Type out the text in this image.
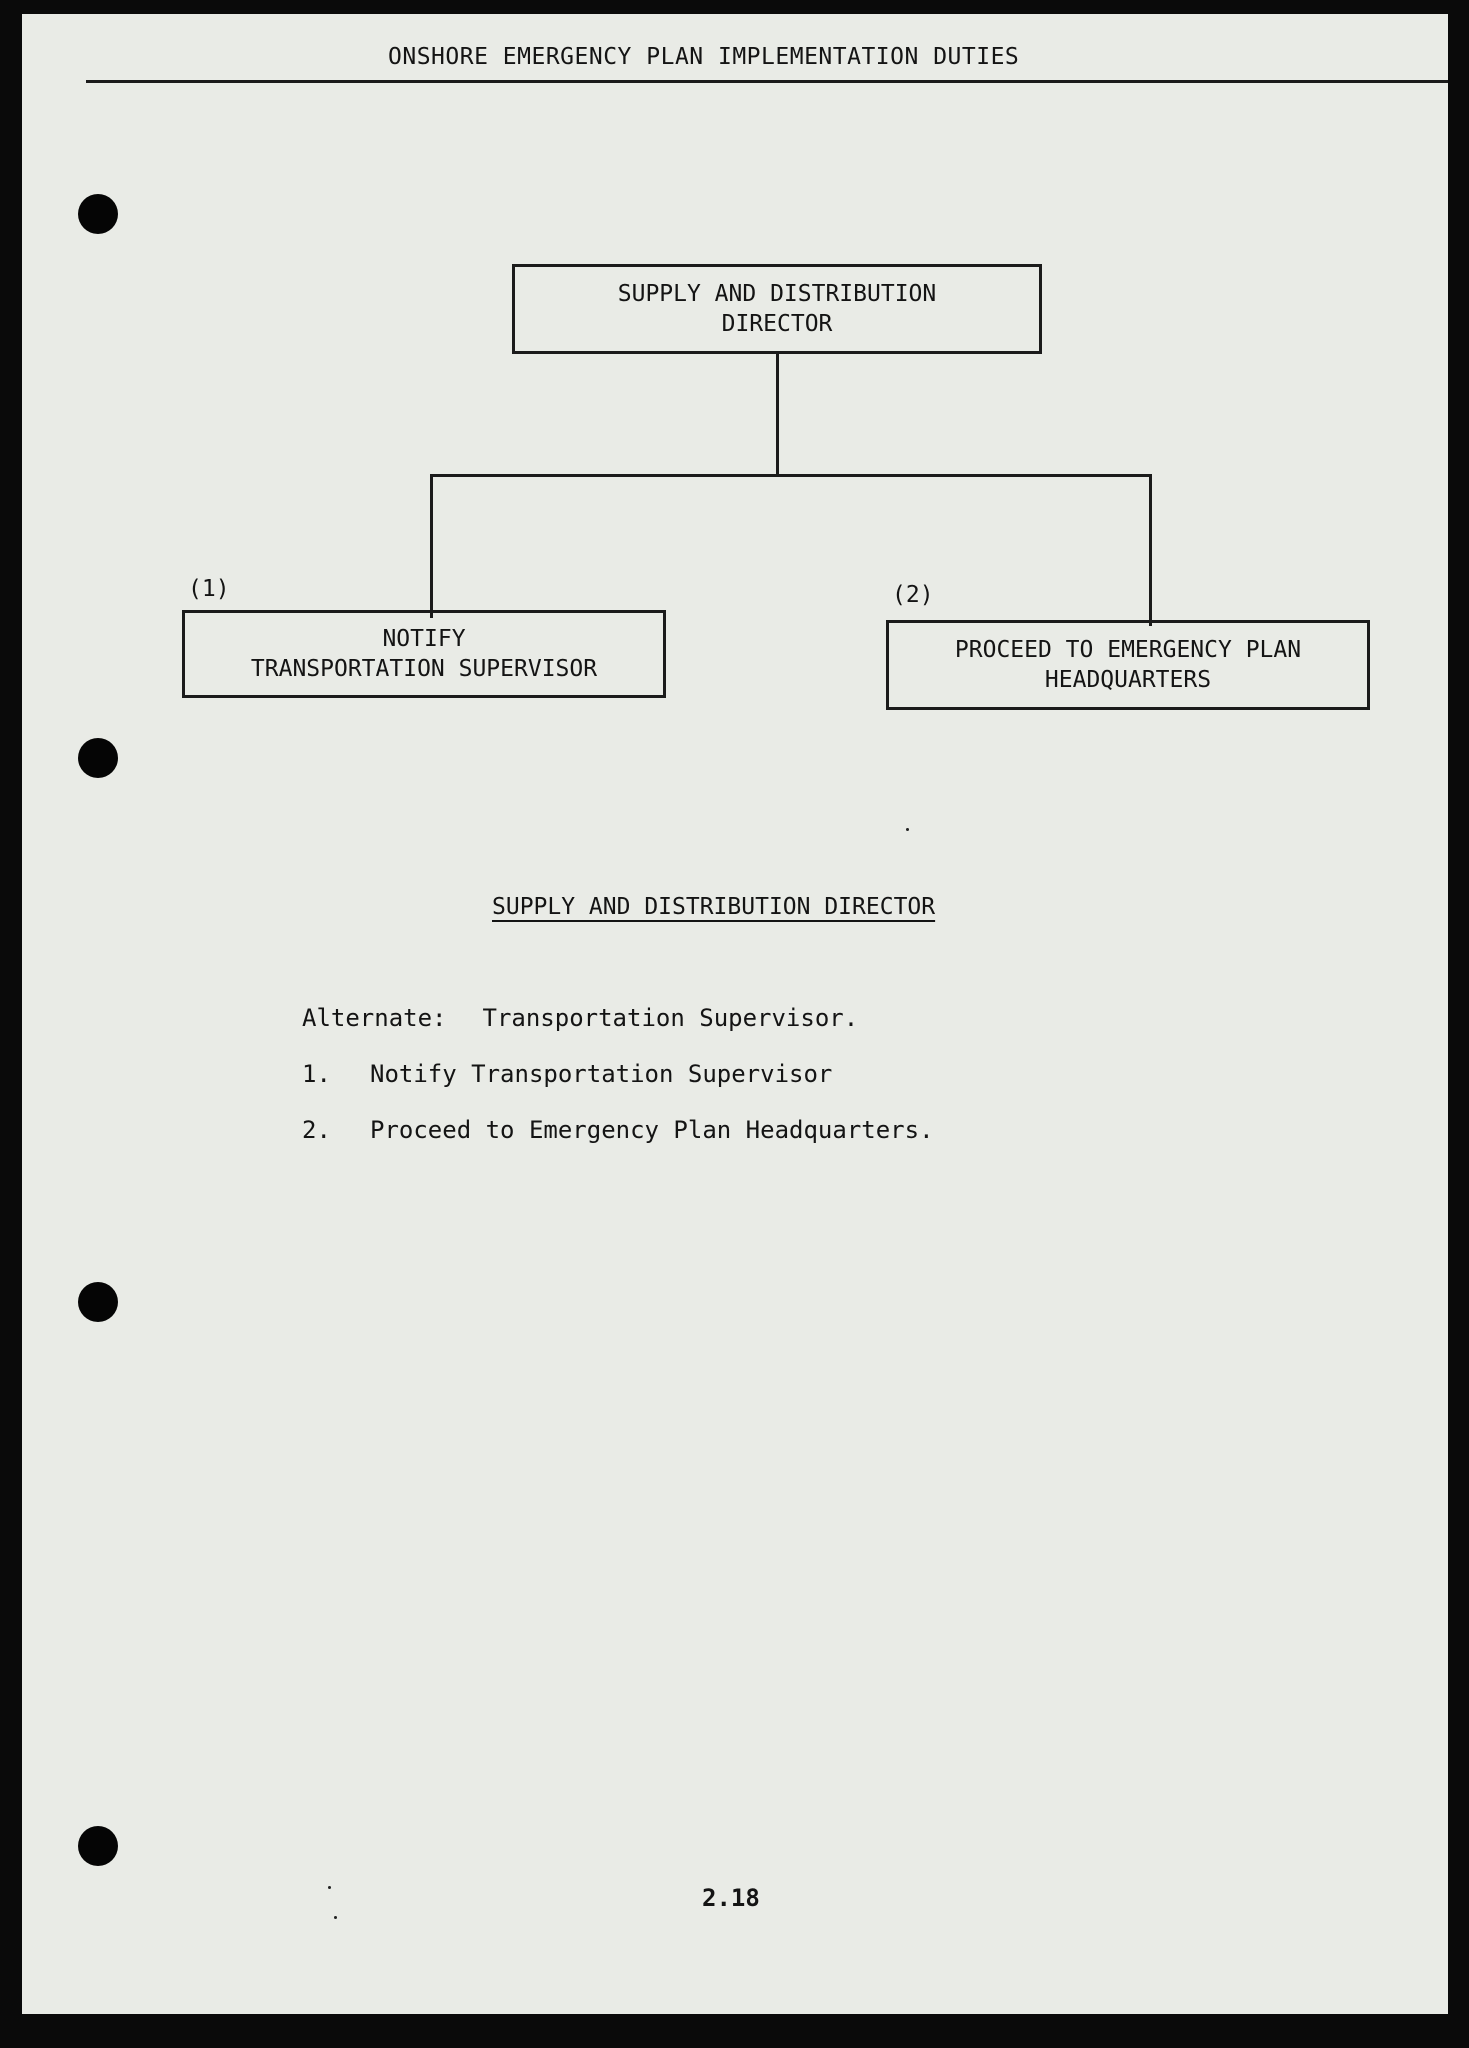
ONSHORE EMERGENCY PLAN IMPLEMENTATION DUTIES
SUPPLY AND DISTRIBUTION
DIRECTOR
(1)
NOTIFY
TRANSPORTATION SUPERVISOR
(2)
PROCEED TO EMERGENCY PLAN
HEADQUARTERS
SUPPLY AND DISTRIBUTION DIRECTOR
Alternate: Transportation Supervisor.
1. Notify Transportation Supervisor
2. Proceed to Emergency Plan Headquarters.
2.18
